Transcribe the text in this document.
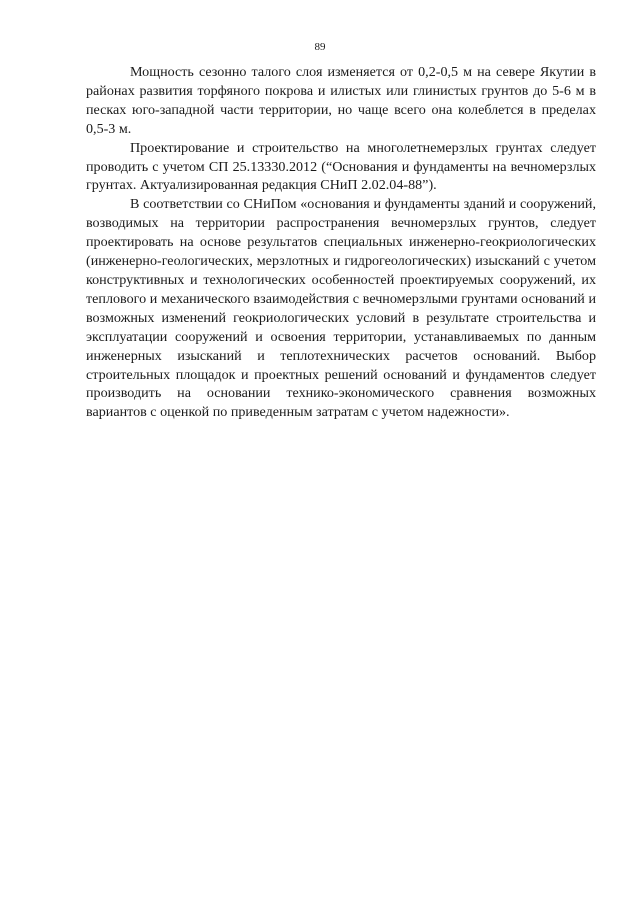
89

Мощность сезонно талого слоя изменяется от 0,2-0,5 м на севере Якутии в районах развития торфяного покрова и илистых или глинистых грунтов до 5-6 м в песках юго-западной части территории, но чаще всего она колеблется в пределах 0,5-3 м.

Проектирование и строительство на многолетнемерзлых грунтах следует проводить с учетом СП 25.13330.2012 (“Основания и фундаменты на вечномерзлых грунтах. Актуализированная редакция СНиП 2.02.04-88”).

В соответствии со СНиПом «основания и фундаменты зданий и сооружений, возводимых на территории распространения вечномерзлых грунтов, следует проектировать на основе результатов специальных инженерно-геокриологических (инженерно-геологических, мерзлотных и гидрогеологических) изысканий с учетом конструктивных и технологических особенностей проектируемых сооружений, их теплового и механического взаимодействия с вечномерзлыми грунтами оснований и возможных изменений геокриологических условий в результате строительства и эксплуатации сооружений и освоения территории, устанавливаемых по данным инженерных изысканий и теплотехнических расчетов оснований. Выбор строительных площадок и проектных решений оснований и фундаментов следует производить на основании технико-экономического сравнения возможных вариантов с оценкой по приведенным затратам с учетом надежности».
